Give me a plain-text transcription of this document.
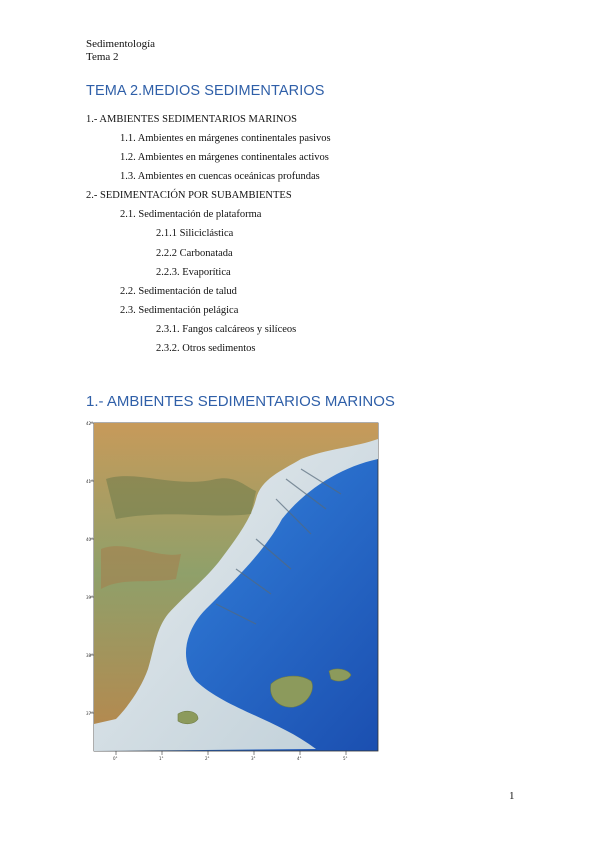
Sedimentología
Tema 2
TEMA 2.MEDIOS SEDIMENTARIOS
1.- AMBIENTES SEDIMENTARIOS MARINOS
1.1. Ambientes en márgenes continentales pasivos
1.2. Ambientes en márgenes continentales activos
1.3. Ambientes en cuencas oceánicas profundas
2.- SEDIMENTACIÓN POR SUBAMBIENTES
2.1. Sedimentación de plataforma
2.1.1 Siliciclástica
2.2.2 Carbonatada
2.2.3. Evaporítica
2.2. Sedimentación de talud
2.3. Sedimentación pelágica
2.3.1. Fangos calcáreos y silíceos
2.3.2. Otros sedimentos
1.- AMBIENTES SEDIMENTARIOS MARINOS
42°
41°
40°
39°
38°
37°
0°	1°	2°	3°	4°	5°
1
